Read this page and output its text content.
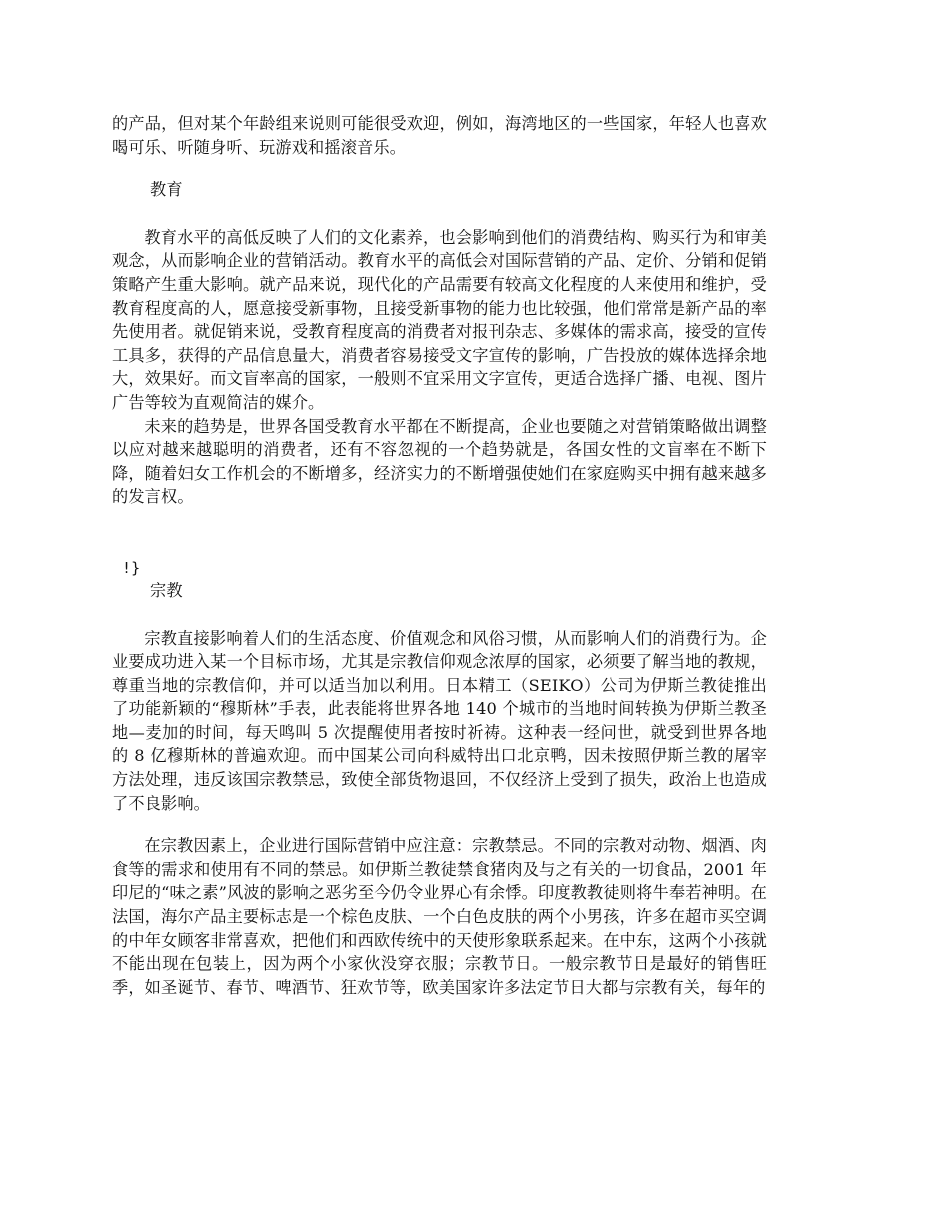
的产品，但对某个年龄组来说则可能很受欢迎，例如，海湾地区的一些国家，年轻人也喜欢喝可乐、听随身听、玩游戏和摇滚音乐。

教育

教育水平的高低反映了人们的文化素养，也会影响到他们的消费结构、购买行为和审美观念，从而影响企业的营销活动。教育水平的高低会对国际营销的产品、定价、分销和促销策略产生重大影响。就产品来说，现代化的产品需要有较高文化程度的人来使用和维护，受教育程度高的人，愿意接受新事物，且接受新事物的能力也比较强，他们常常是新产品的率先使用者。就促销来说，受教育程度高的消费者对报刊杂志、多媒体的需求高，接受的宣传工具多，获得的产品信息量大，消费者容易接受文字宣传的影响，广告投放的媒体选择余地大，效果好。而文盲率高的国家，一般则不宜采用文字宣传，更适合选择广播、电视、图片广告等较为直观简洁的媒介。

未来的趋势是，世界各国受教育水平都在不断提高，企业也要随之对营销策略做出调整以应对越来越聪明的消费者，还有不容忽视的一个趋势就是，各国女性的文盲率在不断下降，随着妇女工作机会的不断增多，经济实力的不断增强使她们在家庭购买中拥有越来越多的发言权。

!}

宗教

宗教直接影响着人们的生活态度、价值观念和风俗习惯，从而影响人们的消费行为。企业要成功进入某一个目标市场，尤其是宗教信仰观念浓厚的国家，必须要了解当地的教规，尊重当地的宗教信仰，并可以适当加以利用。日本精工（SEIKO）公司为伊斯兰教徒推出了功能新颖的“穆斯林”手表，此表能将世界各地 140 个城市的当地时间转换为伊斯兰教圣地—麦加的时间，每天鸣叫 5 次提醒使用者按时祈祷。这种表一经问世，就受到世界各地的 8 亿穆斯林的普遍欢迎。而中国某公司向科威特出口北京鸭，因未按照伊斯兰教的屠宰方法处理，违反该国宗教禁忌，致使全部货物退回，不仅经济上受到了损失，政治上也造成了不良影响。

在宗教因素上，企业进行国际营销中应注意：宗教禁忌。不同的宗教对动物、烟酒、肉食等的需求和使用有不同的禁忌。如伊斯兰教徒禁食猪肉及与之有关的一切食品，2001 年印尼的“味之素”风波的影响之恶劣至今仍令业界心有余悸。印度教教徒则将牛奉若神明。在法国，海尔产品主要标志是一个棕色皮肤、一个白色皮肤的两个小男孩，许多在超市买空调的中年女顾客非常喜欢，把他们和西欧传统中的天使形象联系起来。在中东，这两个小孩就不能出现在包装上，因为两个小家伙没穿衣服；宗教节日。一般宗教节日是最好的销售旺季，如圣诞节、春节、啤酒节、狂欢节等，欧美国家许多法定节日大都与宗教有关，每年的
